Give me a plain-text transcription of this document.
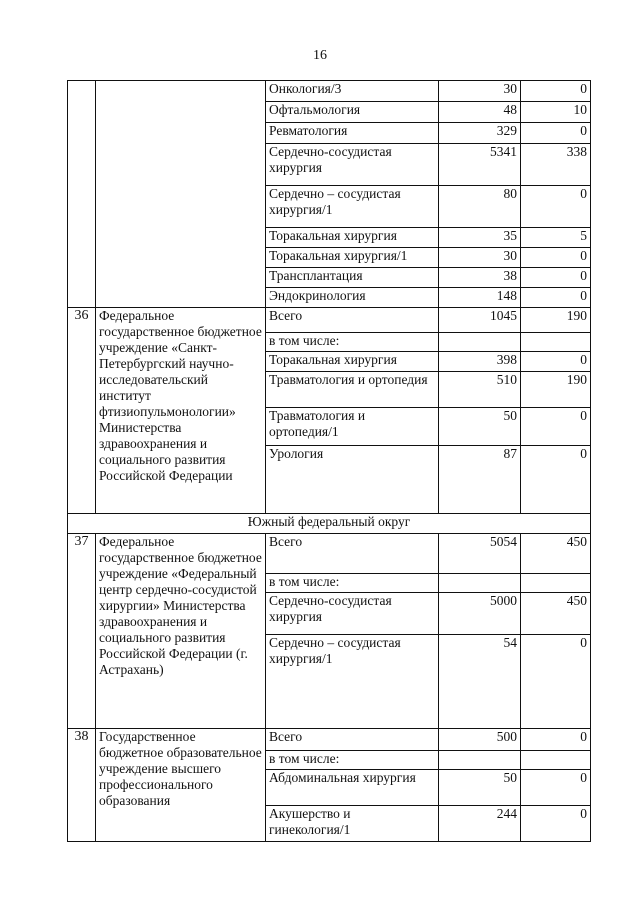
16
		Онкология/3	30	0
		Офтальмология	48	10
		Ревматология	329	0
		Сердечно-сосудистая хирургия	5341	338
		Сердечно – сосудистая хирургия/1	80	0
		Торакальная хирургия	35	5
		Торакальная хирургия/1	30	0
		Трансплантация	38	0
		Эндокринология	148	0
36	Федеральное государственное бюджетное учреждение «Санкт-Петербургский научно-исследовательский институт фтизиопульмонологии» Министерства здравоохранения и социального развития Российской Федерации	Всего	1045	190
		в том числе:		
		Торакальная хирургия	398	0
		Травматология и ортопедия	510	190
		Травматология и ортопедия/1	50	0
		Урология	87	0
Южный федеральный округ				
37	Федеральное государственное бюджетное учреждение «Федеральный центр сердечно-сосудистой хирургии» Министерства здравоохранения и социального развития Российской Федерации (г. Астрахань)	Всего	5054	450
		в том числе:		
		Сердечно-сосудистая хирургия	5000	450
		Сердечно – сосудистая хирургия/1	54	0
38	Государственное бюджетное образовательное учреждение высшего профессионального образования	Всего	500	0
		в том числе:		
		Абдоминальная хирургия	50	0
		Акушерство и гинекология/1	244	0
